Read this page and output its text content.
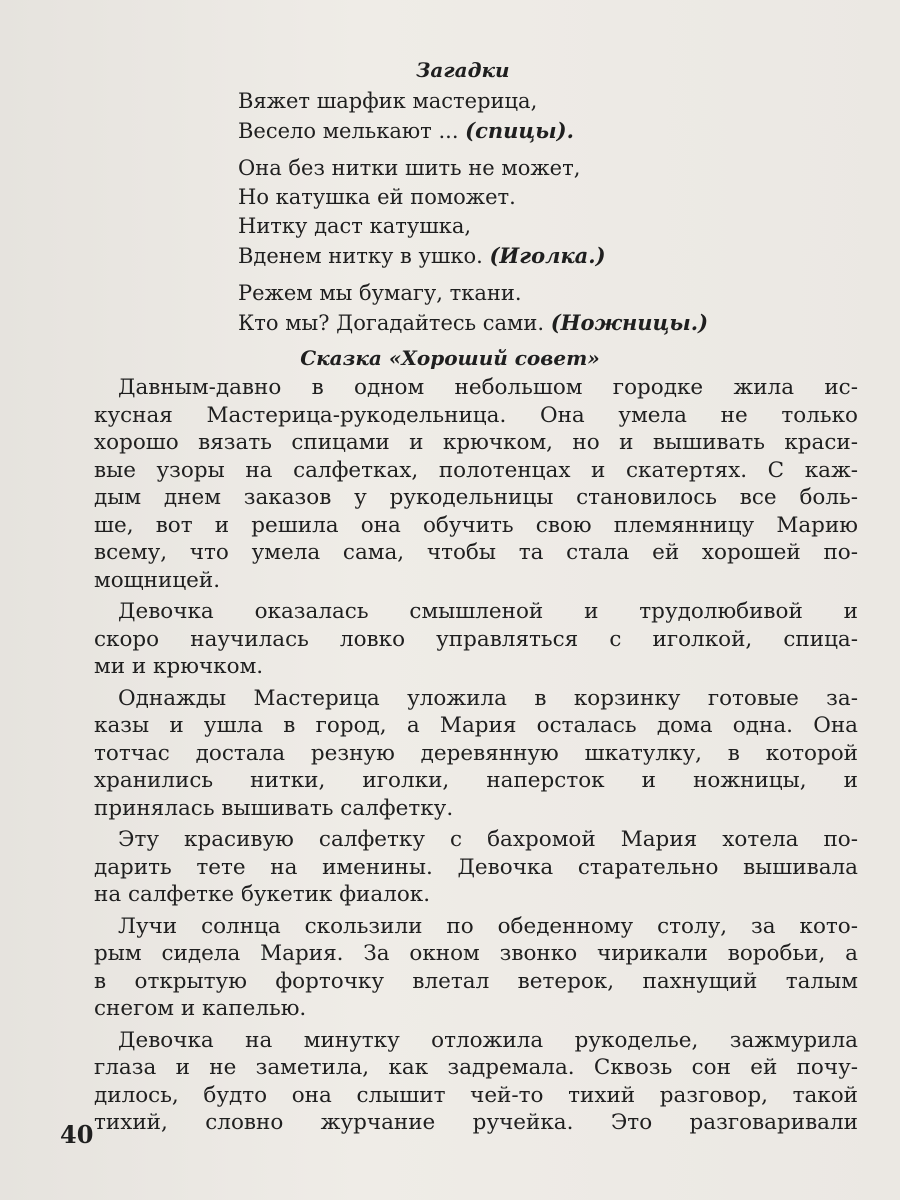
Загадки
Вяжет шарфик мастерица,
Весело мелькают ... (спицы).
Она без нитки шить не может,
Но катушка ей поможет.
Нитку даст катушка,
Вденем нитку в ушко. (Иголка.)
Режем мы бумагу, ткани.
Кто мы? Догадайтесь сами. (Ножницы.)
Сказка «Хороший совет»
Давным-давно в одном небольшом городке жила ис-
кусная Мастерица-рукодельница. Она умела не только
хорошо вязать спицами и крючком, но и вышивать краси-
вые узоры на салфетках, полотенцах и скатертях. С каж-
дым днем заказов у рукодельницы становилось все боль-
ше, вот и решила она обучить свою племянницу Марию
всему, что умела сама, чтобы та стала ей хорошей по-
мощницей.
Девочка оказалась смышленой и трудолюбивой и
скоро научилась ловко управляться с иголкой, спица-
ми и крючком.
Однажды Мастерица уложила в корзинку готовые за-
казы и ушла в город, а Мария осталась дома одна. Она
тотчас достала резную деревянную шкатулку, в которой
хранились нитки, иголки, наперсток и ножницы, и
принялась вышивать салфетку.
Эту красивую салфетку с бахромой Мария хотела по-
дарить тете на именины. Девочка старательно вышивала
на салфетке букетик фиалок.
Лучи солнца скользили по обеденному столу, за кото-
рым сидела Мария. За окном звонко чирикали воробьи, а
в открытую форточку влетал ветерок, пахнущий талым
снегом и капелью.
Девочка на минутку отложила рукоделье, зажмурила
глаза и не заметила, как задремала. Сквозь сон ей почу-
дилось, будто она слышит чей-то тихий разговор, такой
тихий, словно журчание ручейка. Это разговаривали
40
